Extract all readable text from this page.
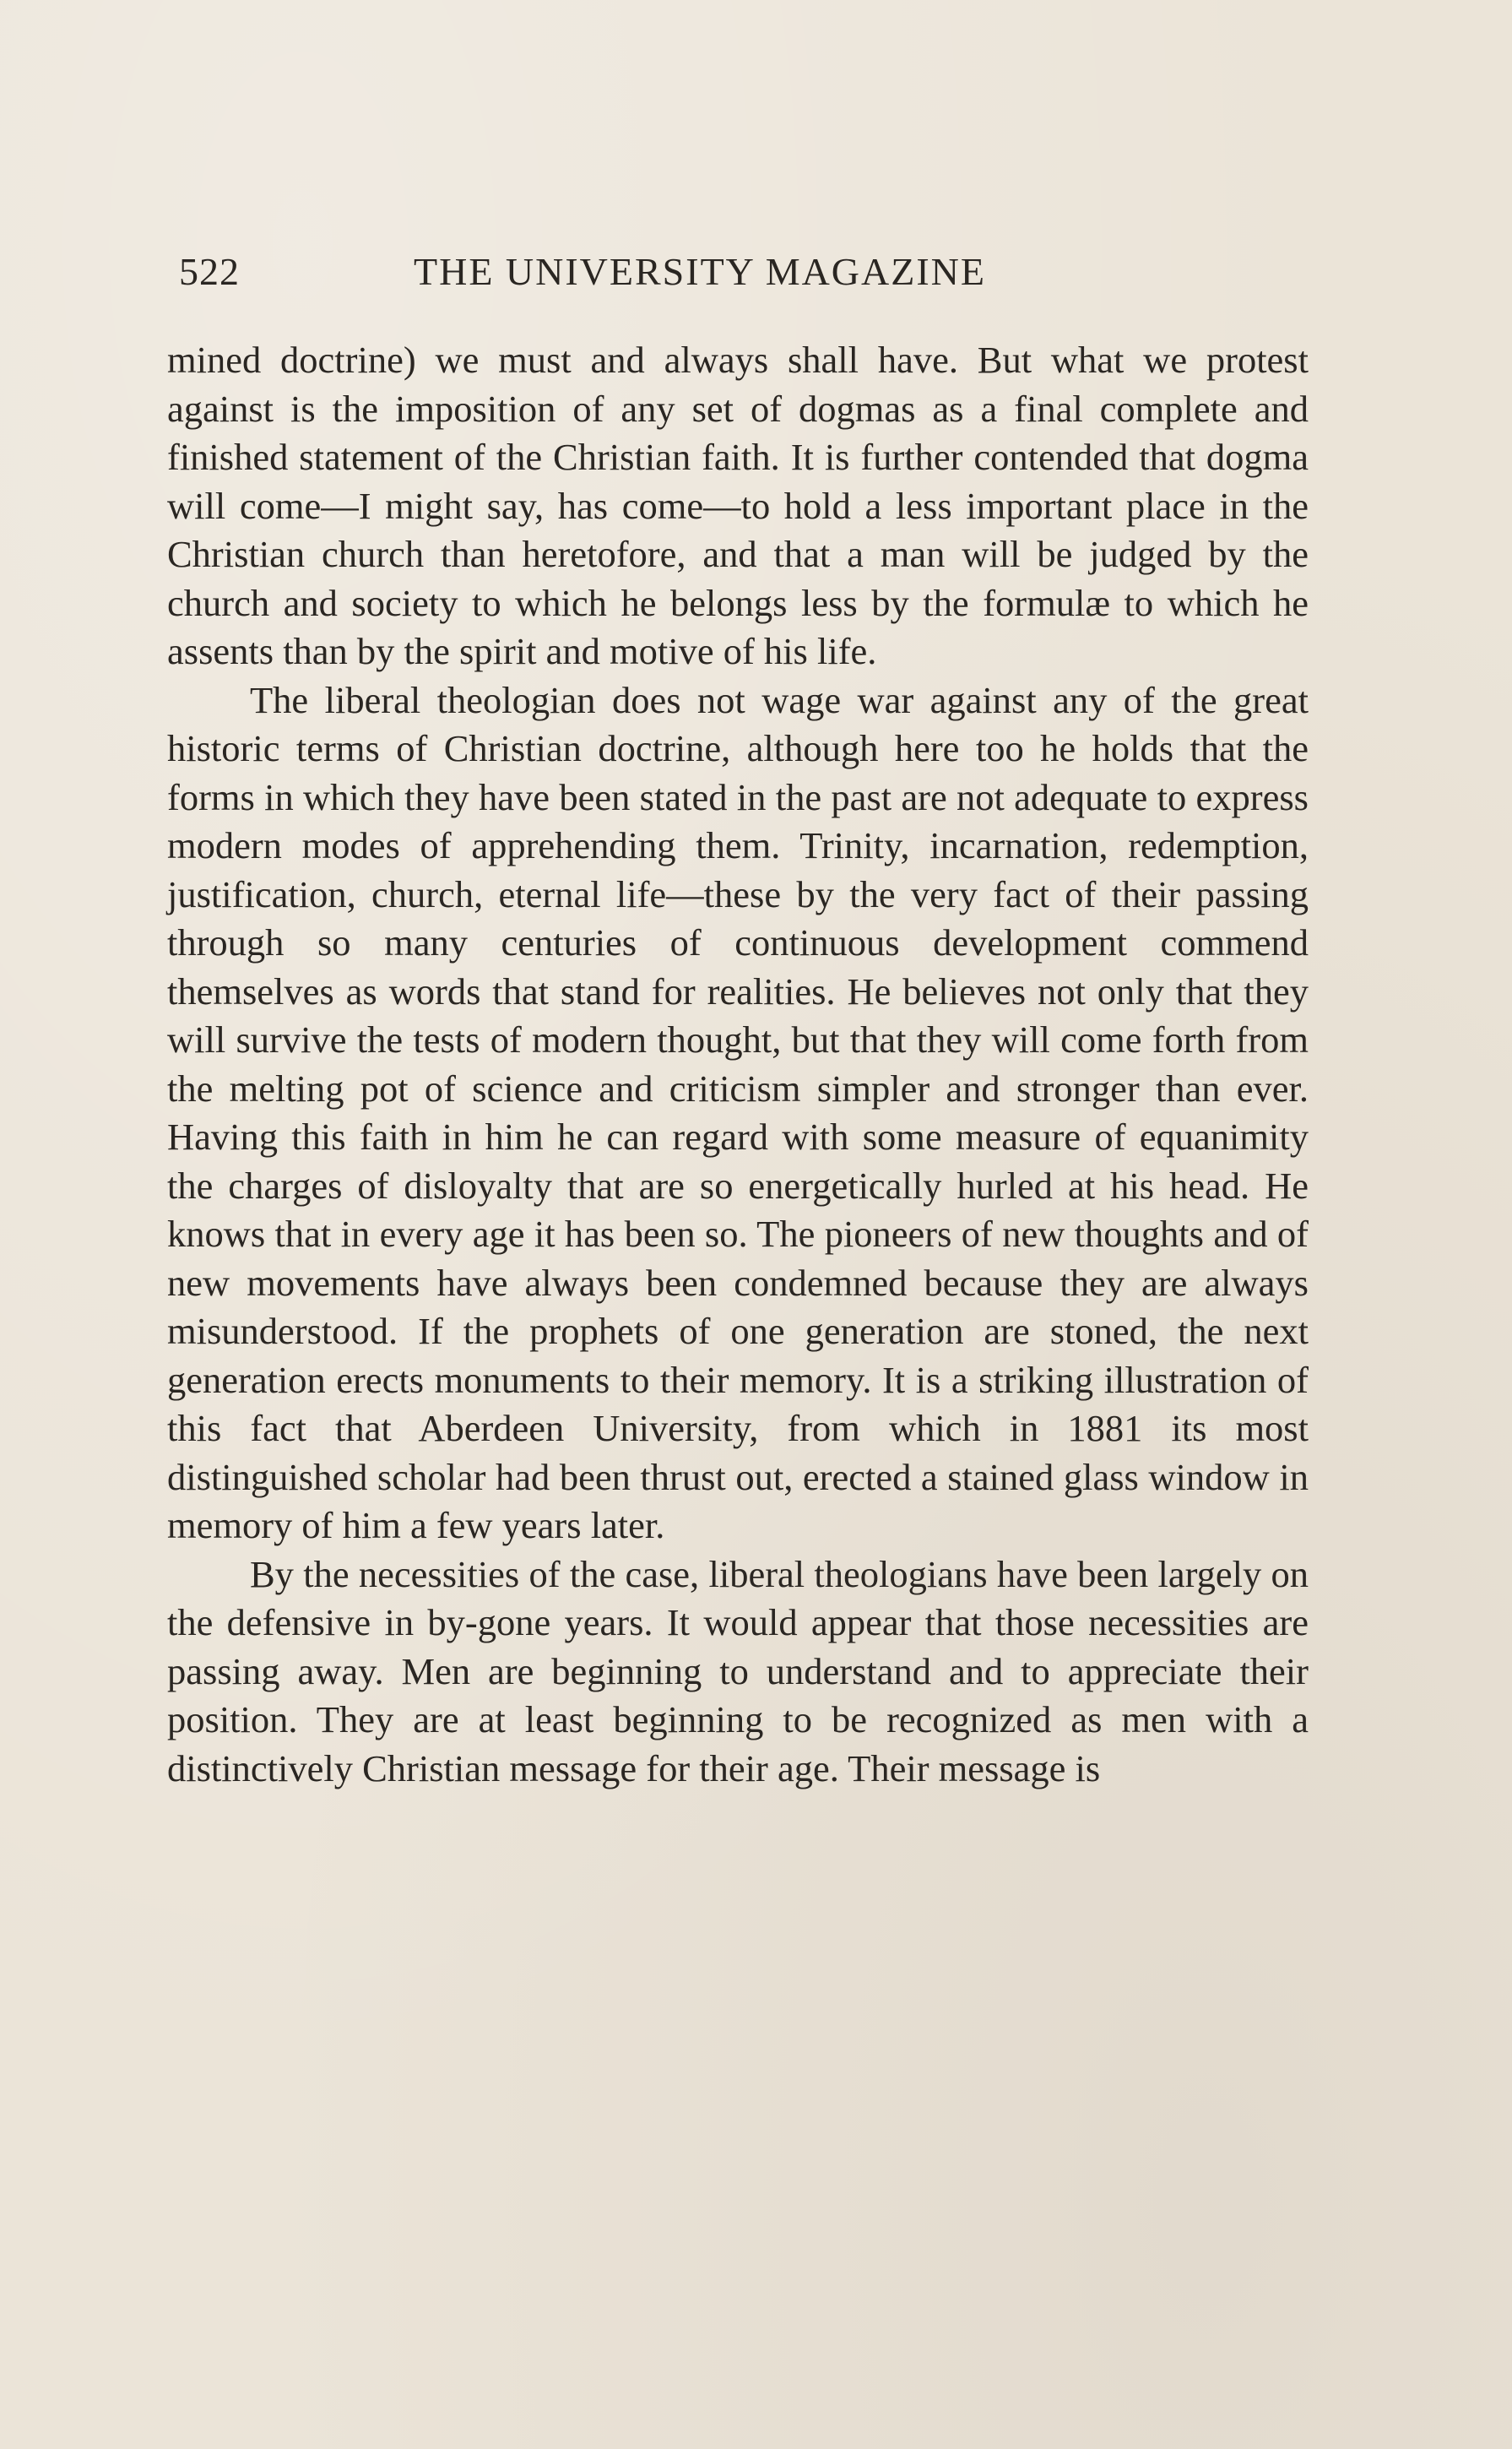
522	THE UNIVERSITY MAGAZINE

mined doctrine) we must and always shall have. But what we protest against is the imposition of any set of dogmas as a final complete and finished statement of the Christian faith. It is further contended that dogma will come—I might say, has come—to hold a less important place in the Christian church than heretofore, and that a man will be judged by the church and society to which he belongs less by the formulæ to which he assents than by the spirit and motive of his life.

The liberal theologian does not wage war against any of the great historic terms of Christian doctrine, although here too he holds that the forms in which they have been stated in the past are not adequate to express modern modes of apprehending them. Trinity, incarnation, redemption, justification, church, eternal life—these by the very fact of their passing through so many centuries of continuous development commend themselves as words that stand for realities. He believes not only that they will survive the tests of modern thought, but that they will come forth from the melting pot of science and criticism simpler and stronger than ever. Having this faith in him he can regard with some measure of equanimity the charges of disloyalty that are so energetically hurled at his head. He knows that in every age it has been so. The pioneers of new thoughts and of new movements have always been condemned because they are always misunderstood. If the prophets of one generation are stoned, the next generation erects monuments to their memory. It is a striking illustration of this fact that Aberdeen University, from which in 1881 its most distinguished scholar had been thrust out, erected a stained glass window in memory of him a few years later.

By the necessities of the case, liberal theologians have been largely on the defensive in by-gone years. It would appear that those necessities are passing away. Men are beginning to understand and to appreciate their position. They are at least beginning to be recognized as men with a distinctively Christian message for their age. Their message is
